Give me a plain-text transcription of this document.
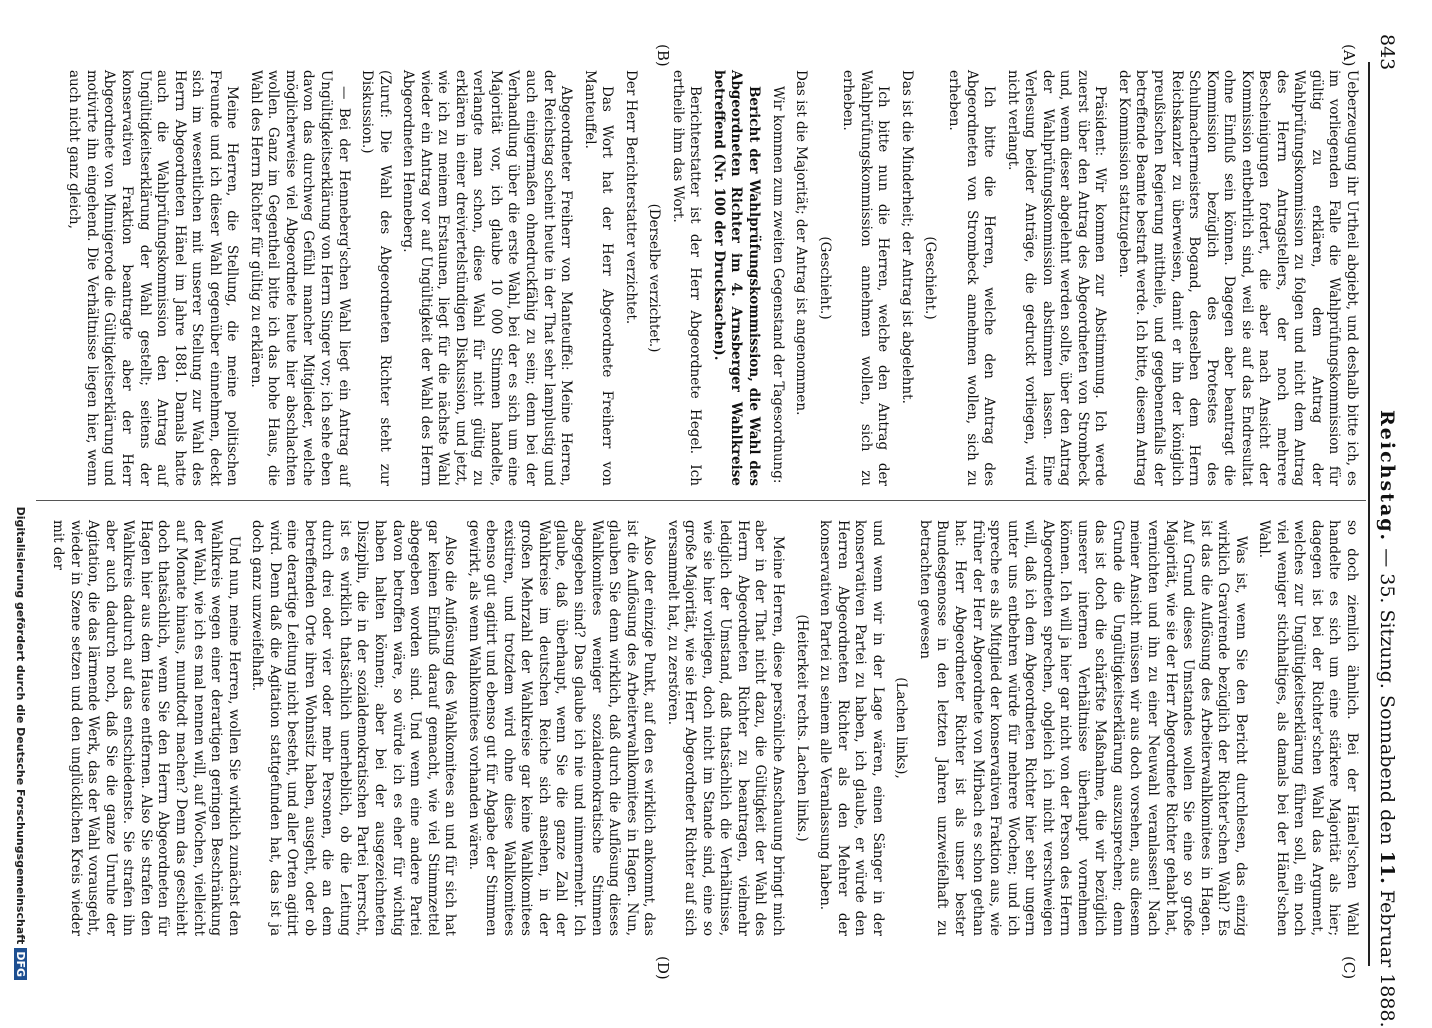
843
Reichstag. — 35. Sitzung. Sonnabend den 11. Februar 1888.
(A)
(B)
(C)
(D)

Ueberzeugung ihr Urtheil abgiebt, und deshalb bitte ich, es im vorliegenden Falle die Wahlprüfungskommission für gültig zu erklären, dem Antrag der Wahlprüfungskommission zu folgen und nicht dem Antrag des Herrn Antragstellers, der noch mehrere Bescheinigungen fordert, die aber nach Ansicht der Kommission entbehrlich sind, weil sie auf das Endresultat ohne Einfluß sein können. Dagegen aber beantragt die Kommission bezüglich des Protestes des Schulmachermeisters Bogand, denselben dem Herrn Reichskanzler zu überweisen, damit er ihn der königlich preußischen Regierung mittheile, und gegebenenfalls der betreffende Beamte bestraft werde. Ich bitte, diesem Antrag der Kommission stattzugeben.

Präsident: Wir kommen zur Abstimmung. Ich werde zuerst über den Antrag des Abgeordneten von Strombeck und, wenn dieser abgelehnt werden sollte, über den Antrag der Wahlprüfungskommission abstimmen lassen. Eine Verlesung beider Anträge, die gedruckt vorliegen, wird nicht verlangt.

Ich bitte die Herren, welche den Antrag des Abgeordneten von Strombeck annehmen wollen, sich zu erheben.

(Geschieht.)

Das ist die Minderheit; der Antrag ist abgelehnt.

Ich bitte nun die Herren, welche den Antrag der Wahlprüfungskommission annehmen wollen, sich zu erheben.

(Geschieht.)

Das ist die Majorität; der Antrag ist angenommen.

Wir kommen zum zweiten Gegenstand der Tagesordnung:

Bericht der Wahlprüfungskommission, die Wahl des Abgeordneten Richter im 4. Arnsberger Wahlkreise betreffend (Nr. 100 der Drucksachen).

Berichterstatter ist der Herr Abgeordnete Hegel. Ich ertheile ihm das Wort.

(Derselbe verzichtet.)

Der Herr Berichterstatter verzichtet.

Das Wort hat der Herr Abgeordnete Freiherr von Manteuffel.

Abgeordneter Freiherr von Manteuffel: Meine Herren, der Reichstag scheint heute in der That sehr lamplustig und auch einigermaßen ohnedruckfähig zu sein; denn bei der Verhandlung über die erste Wahl, bei der es sich um eine Majorität vor, ich glaube 10 000 Stimmen handelte, verlangte man schon, diese Wahl für nicht gültig zu erklären in einer dreiviertelstündigen Diskussion, und jetzt, wie ich zu meinem Erstaunen, liegt für die nächste Wahl wieder ein Antrag vor auf Ungültigkeit der Wahl des Herrn Abgeordneten Henneberg.

(Zuruf: Die Wahl des Abgeordneten Richter steht zur Diskussion.)

— Bei der Henneberg'schen Wahl liegt ein Antrag auf Ungültigkeitserklärung von Herrn Singer vor; ich sehe eben davon das durchweg Gefühl mancher Mitglieder, welche möglicherweise viel Abgeordnete heute hier abschlachten wollen. Ganz im Gegentheil bitte ich das hohe Haus, die Wahl des Herrn Richter für gültig zu erklären.

Meine Herren, die Stellung, die meine politischen Freunde und ich dieser Wahl gegenüber einnehmen, deckt sich im wesentlichen mit unserer Stellung zur Wahl des Herrn Abgeordneten Hänel im Jahre 1881. Damals hatte auch die Wahlprüfungskommission den Antrag auf Ungültigkeitserklärung der Wahl gestellt; seitens der konservativen Fraktion beantragte aber der Herr Abgeordnete von Minnigerode die Gültigkeitserklärung und motivirte ihn eingehend. Die Verhältnisse liegen hier, wenn auch nicht ganz gleich,

so doch ziemlich ähnlich. Bei der Hänel'schen Wahl handelte es sich um eine stärkere Majorität als hier; dagegen ist bei der Richter'schen Wahl das Argument, welches zur Ungültigkeitserklärung führen soll, ein noch viel weniger stichhaltiges, als damals bei der Hänel'schen Wahl.

Was ist, wenn Sie den Bericht durchlesen, das einzig wirklich Gravirende bezüglich der Richter'schen Wahl? Es ist das die Auflösung des Arbeiterwahlkomitees in Hagen. Auf Grund dieses Umstandes wollen Sie eine so große Majorität, wie sie der Herr Abgeordnete Richter gehabt hat, vernichten und ihn zu einer Neuwahl veranlassen! Nach meiner Ansicht müssen wir aus doch vorsehen, aus diesem Grunde die Ungültigkeitserklärung auszusprechen; denn das ist doch die schärfste Maßnahme, die wir bezüglich unserer internen Verhältnisse überhaupt vornehmen können. Ich will ja hier gar nicht von der Person des Herrn Abgeordneten sprechen, obgleich ich nicht verschweigen will, daß ich dem Abgeordneten Richter hier sehr ungern unter uns entbehren würde für mehrere Wochen; und ich spreche es als Mitglied der konservativen Fraktion aus, wie früher der Herr Abgeordnete von Mirbach es schon gethan hat: Herr Abgeordneter Richter ist als unser bester Bundesgenosse in den letzten Jahren unzweifelhaft zu betrachten gewesen

(Lachen links),

und wenn wir in der Lage wären, einen Sänger in der konservativen Partei zu haben, ich glaube, er würde den Herren Abgeordneten Richter als den Mehrer der konservativen Partei zu seinem alle Veranlassung haben.

(Heiterkeit rechts. Lachen links.)

Meine Herren, diese persönliche Anschauung bringt mich aber in der That nicht dazu, die Gültigkeit der Wahl des Herrn Abgeordneten Richter zu beantragen, vielmehr lediglich der Umstand, daß thatsächlich die Verhältnisse, wie sie hier vorliegen, doch nicht im Stande sind, eine so große Majorität, wie sie Herr Abgeordneter Richter auf sich versammelt hat, zu zerstören.

Also der einzige Punkt, auf den es wirklich ankommt, das ist die Auflösung des Arbeiterwahlkomitees in Hagen. Nun, glauben Sie denn wirklich, daß durch die Auflösung dieses Wahlkomitees weniger sozialdemokratische Stimmen abgegeben sind? Das glaube ich nie und nimmermehr. Ich glaube, daß überhaupt, wenn Sie die ganze Zahl der Wahlkreise im deutschen Reiche sich ansehen, in der großen Mehrzahl der Wahlkreise gar keine Wahlkomitees existiren, und trotzdem wird ohne diese Wahlkomitees ebenso gut agitirt und ebenso gut für Abgabe der Stimmen gewirkt, als wenn Wahlkomitees vorhanden wären.

Also die Auflösung des Wahlkomitees an und für sich hat gar keinen Einfluß darauf gemacht, wie viel Stimmzettel abgegeben worden sind. Und wenn eine andere Partei davon betroffen wäre, so würde ich es eher für wichtig haben halten können; aber bei der ausgezeichneten Disziplin, die in der sozialdemokratischen Partei herrscht, ist es wirklich thatsächlich unerheblich, ob die Leitung durch drei oder vier oder mehr Personen, die an dem betreffenden Orte ihren Wohnsitz haben, ausgeht, oder ob eine derartige Leitung nicht besteht, und aller Orten agitirt wird. Denn daß die Agitation stattgefunden hat, das ist ja doch ganz unzweifelhaft.

Und nun, meine Herren, wollen Sie wirklich zunächst den Wahlkreis wegen einer derartigen geringen Beschränkung der Wahl, wie ich es mal nennen will, auf Wochen, vielleicht auf Monate hinaus, mundtodt machen? Denn das geschieht doch thatsächlich, wenn Sie den Herrn Abgeordneten für Hagen hier aus dem Hause entfernen. Also Sie strafen den Wahlkreis dadurch auf das entschiedenste. Sie strafen ihn aber auch dadurch noch, daß Sie die ganze Unruhe der Agitation, die das lärmende Werk, das der Wahl vorausgeht, wieder in Szene setzen und den unglücklichen Kreis wieder mit der

Digitalisierung gefördert durch die Deutsche ForschungsgemeinschaftDFG
